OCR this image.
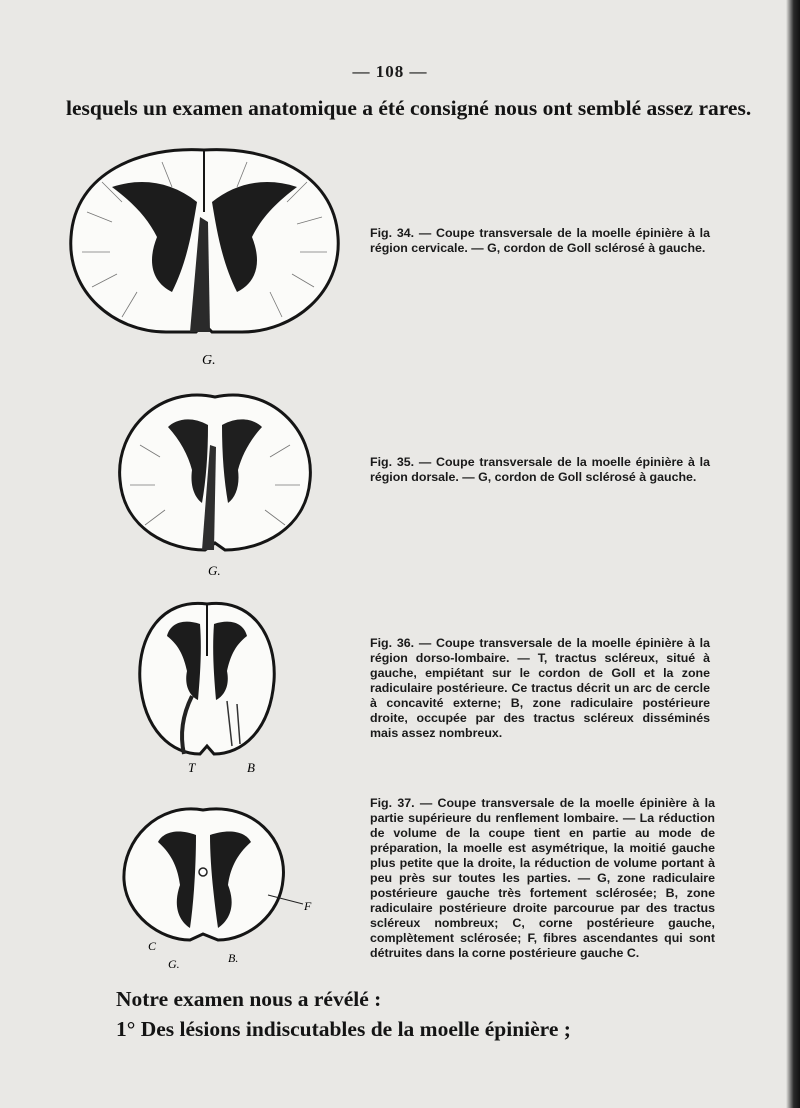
— 108 —
lesquels un examen anatomique a été consigné nous ont semblé assez rares.
G.
Fig. 34. — Coupe transversale de la moelle épinière à la région cervicale. — G, cordon de Goll sclérosé à gauche.
G.
Fig. 35. — Coupe transversale de la moelle épinière à la région dorsale. — G, cordon de Goll sclérosé à gauche.
T	B
Fig. 36. — Coupe transversale de la moelle épinière à la région dorso-lombaire. — T, tractus scléreux, situé à gauche, empiétant sur le cordon de Goll et la zone radiculaire postérieure. Ce tractus décrit un arc de cercle à concavité externe; B, zone radiculaire postérieure droite, occupée par des tractus scléreux disséminés mais assez nombreux.
C
G.	B.
F
Fig. 37. — Coupe transversale de la moelle épinière à la partie supérieure du renflement lombaire. — La réduction de volume de la coupe tient en partie au mode de préparation, la moelle est asymétrique, la moitié gauche plus petite que la droite, la réduction de volume portant à peu près sur toutes les parties. — G, zone radiculaire postérieure gauche très fortement sclérosée; B, zone radiculaire postérieure droite parcourue par des tractus scléreux nombreux; C, corne postérieure gauche, complètement sclérosée; F, fibres ascendantes qui sont détruites dans la corne postérieure gauche C.
Notre examen nous a révélé :
1° Des lésions indiscutables de la moelle épinière ;
